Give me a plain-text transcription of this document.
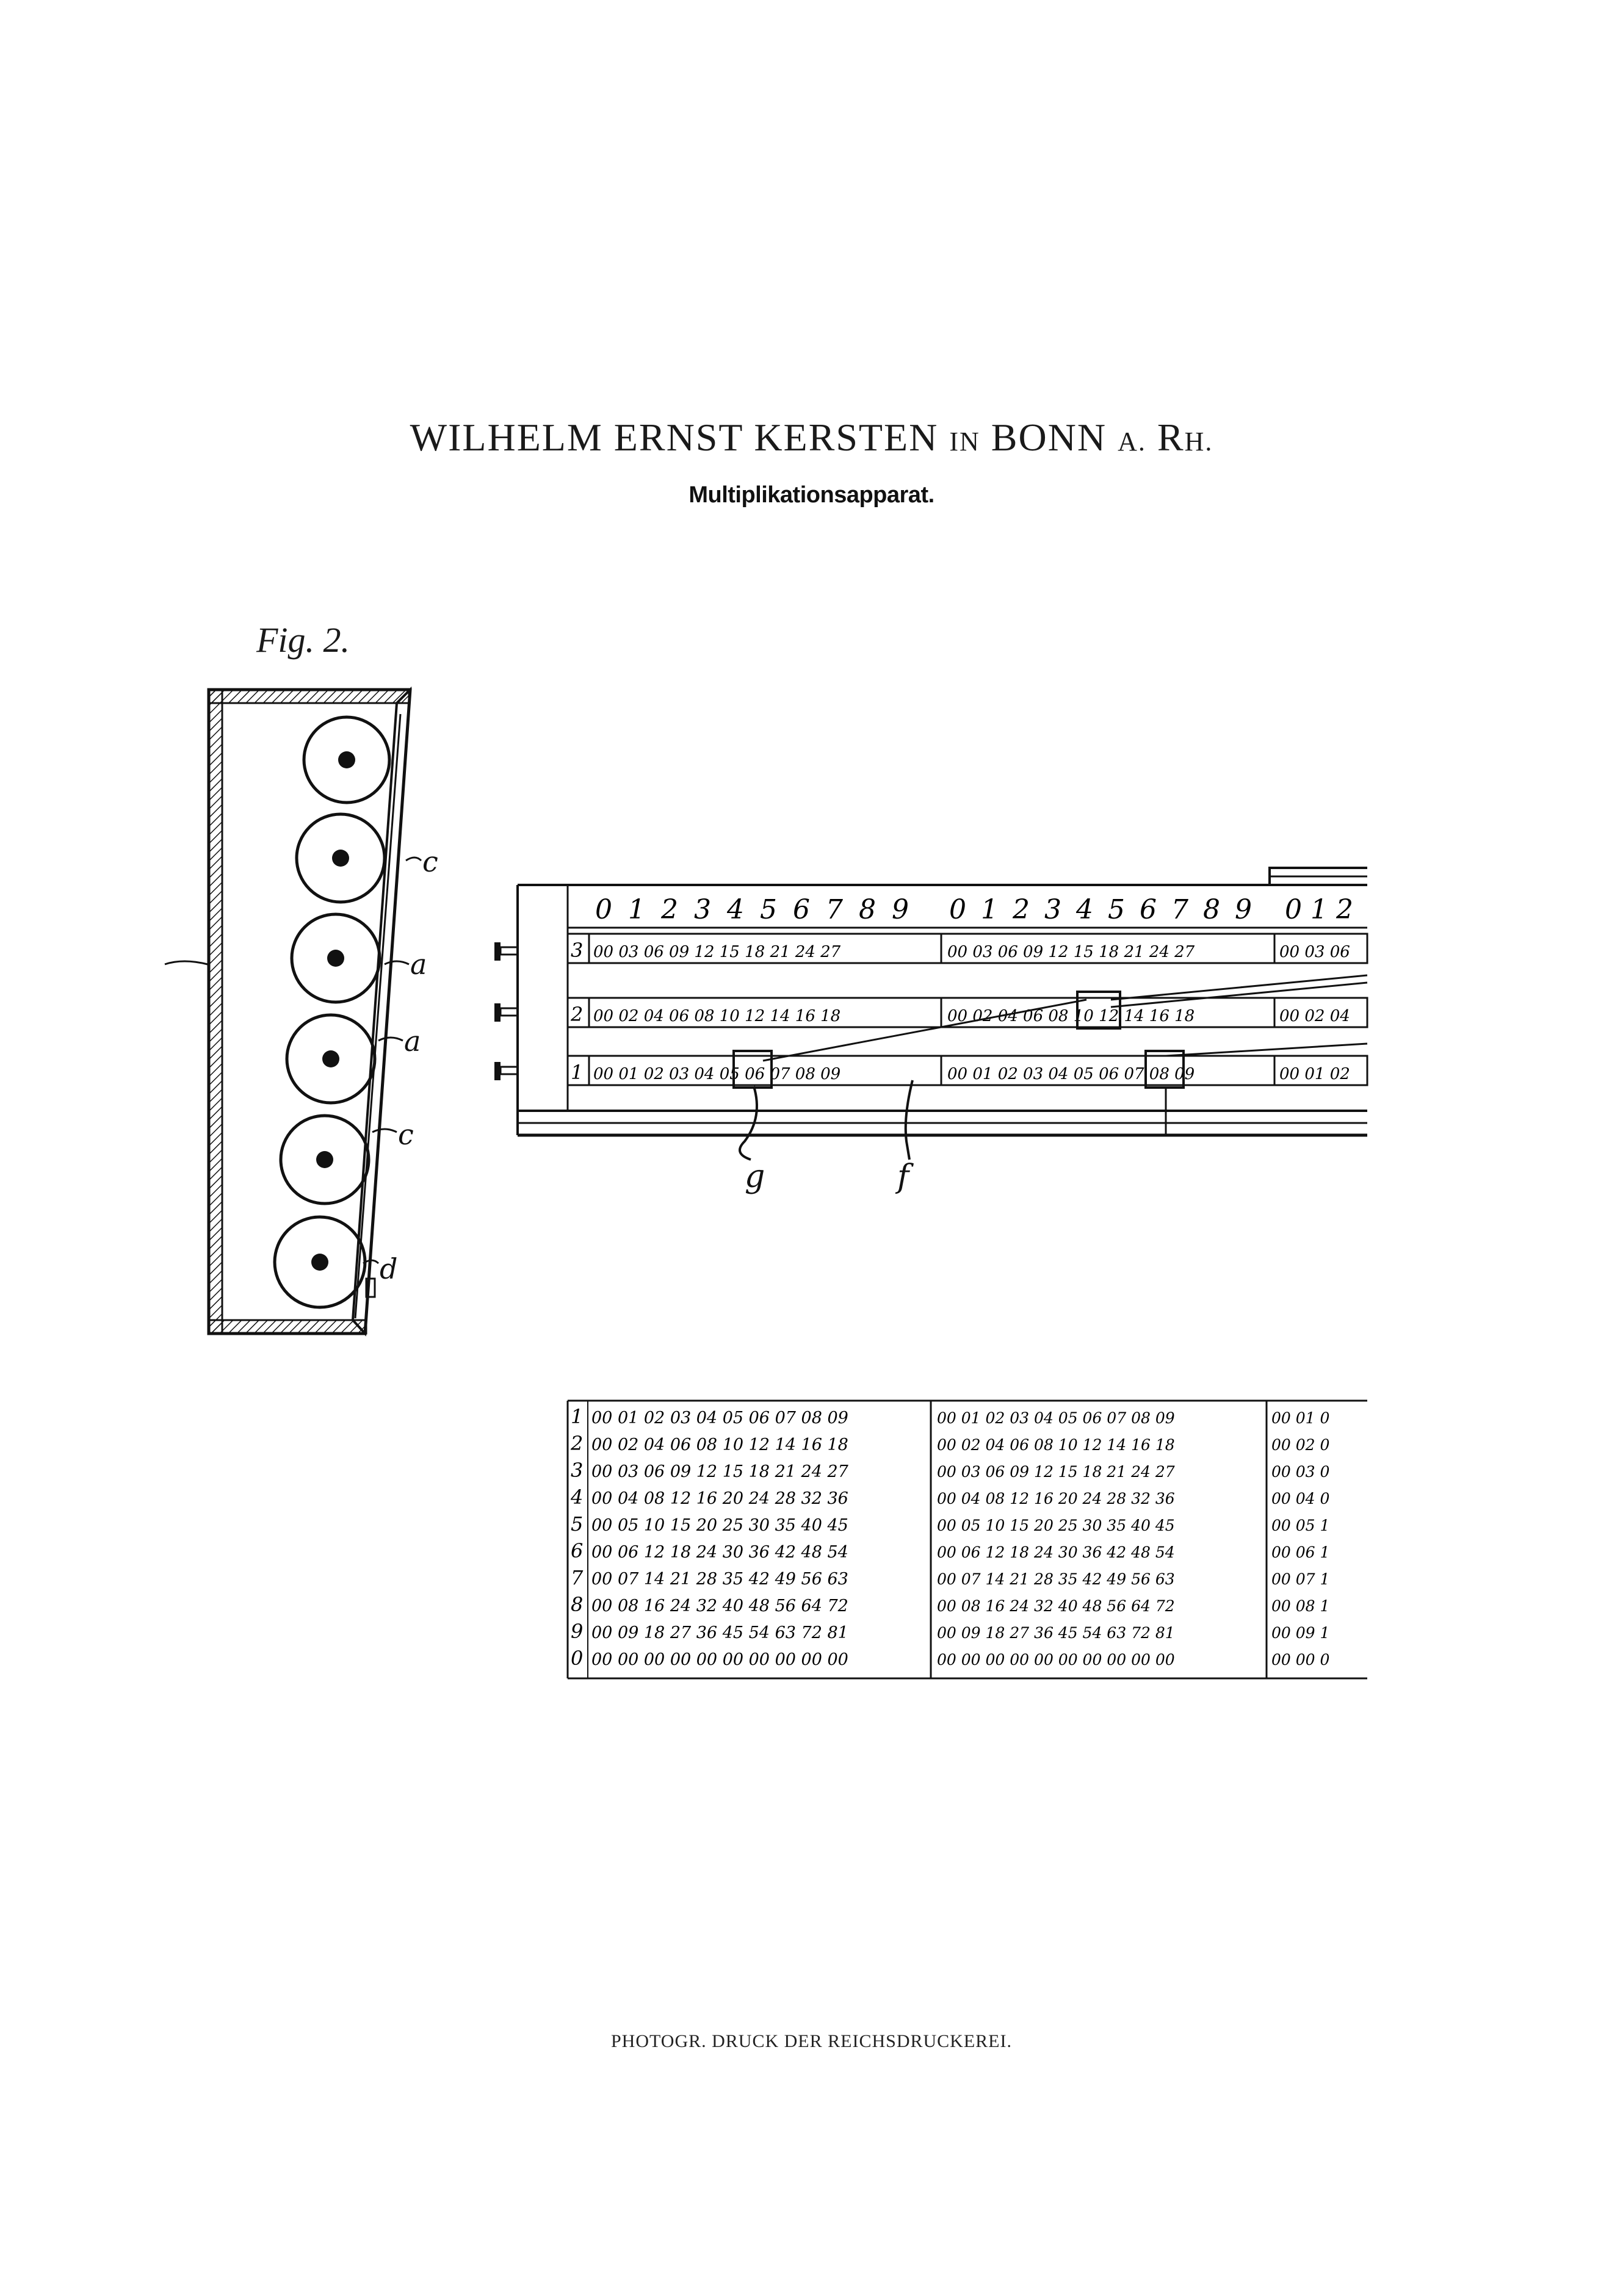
WILHELM ERNST KERSTEN IN BONN A. RH.
Multiplikationsapparat.
Fig. 2.
c
a
a
c
d
0 1 2 3 4 5 6 7 8 9 0 1 2 3 4 5 6 7 8 9 0 1 2
3 00 03 06 09 12 15 18 21 24 27	00 03 06 09 12 15 18 21 24 27	00 03 06
2 00 02 04 06 08 10 12 14 16 18	00 02 04 06 08 10 12 14 16 18	00 02 04
1 00 01 02 03 04 05 06 07 08 09	00 01 02 03 04 05 06 07 08 09	00 01 02
g	f
1 00 01 02 03 04 05 06 07 08 09	00 01 02 03 04 05 06 07 08 09	00 01 0
2 00 02 04 06 08 10 12 14 16 18	00 02 04 06 08 10 12 14 16 18	00 02 0
3 00 03 06 09 12 15 18 21 24 27	00 03 06 09 12 15 18 21 24 27	00 03 0
4 00 04 08 12 16 20 24 28 32 36	00 04 08 12 16 20 24 28 32 36	00 04 0
5 00 05 10 15 20 25 30 35 40 45	00 05 10 15 20 25 30 35 40 45	00 05 1
6 00 06 12 18 24 30 36 42 48 54	00 06 12 18 24 30 36 42 48 54	00 06 1
7 00 07 14 21 28 35 42 49 56 63	00 07 14 21 28 35 42 49 56 63	00 07 1
8 00 08 16 24 32 40 48 56 64 72	00 08 16 24 32 40 48 56 64 72	00 08 1
9 00 09 18 27 36 45 54 63 72 81	00 09 18 27 36 45 54 63 72 81	00 09 1
0 00 00 00 00 00 00 00 00 00 00	00 00 00 00 00 00 00 00 00 00	00 00 0
PHOTOGR. DRUCK DER REICHSDRUCKEREI.
